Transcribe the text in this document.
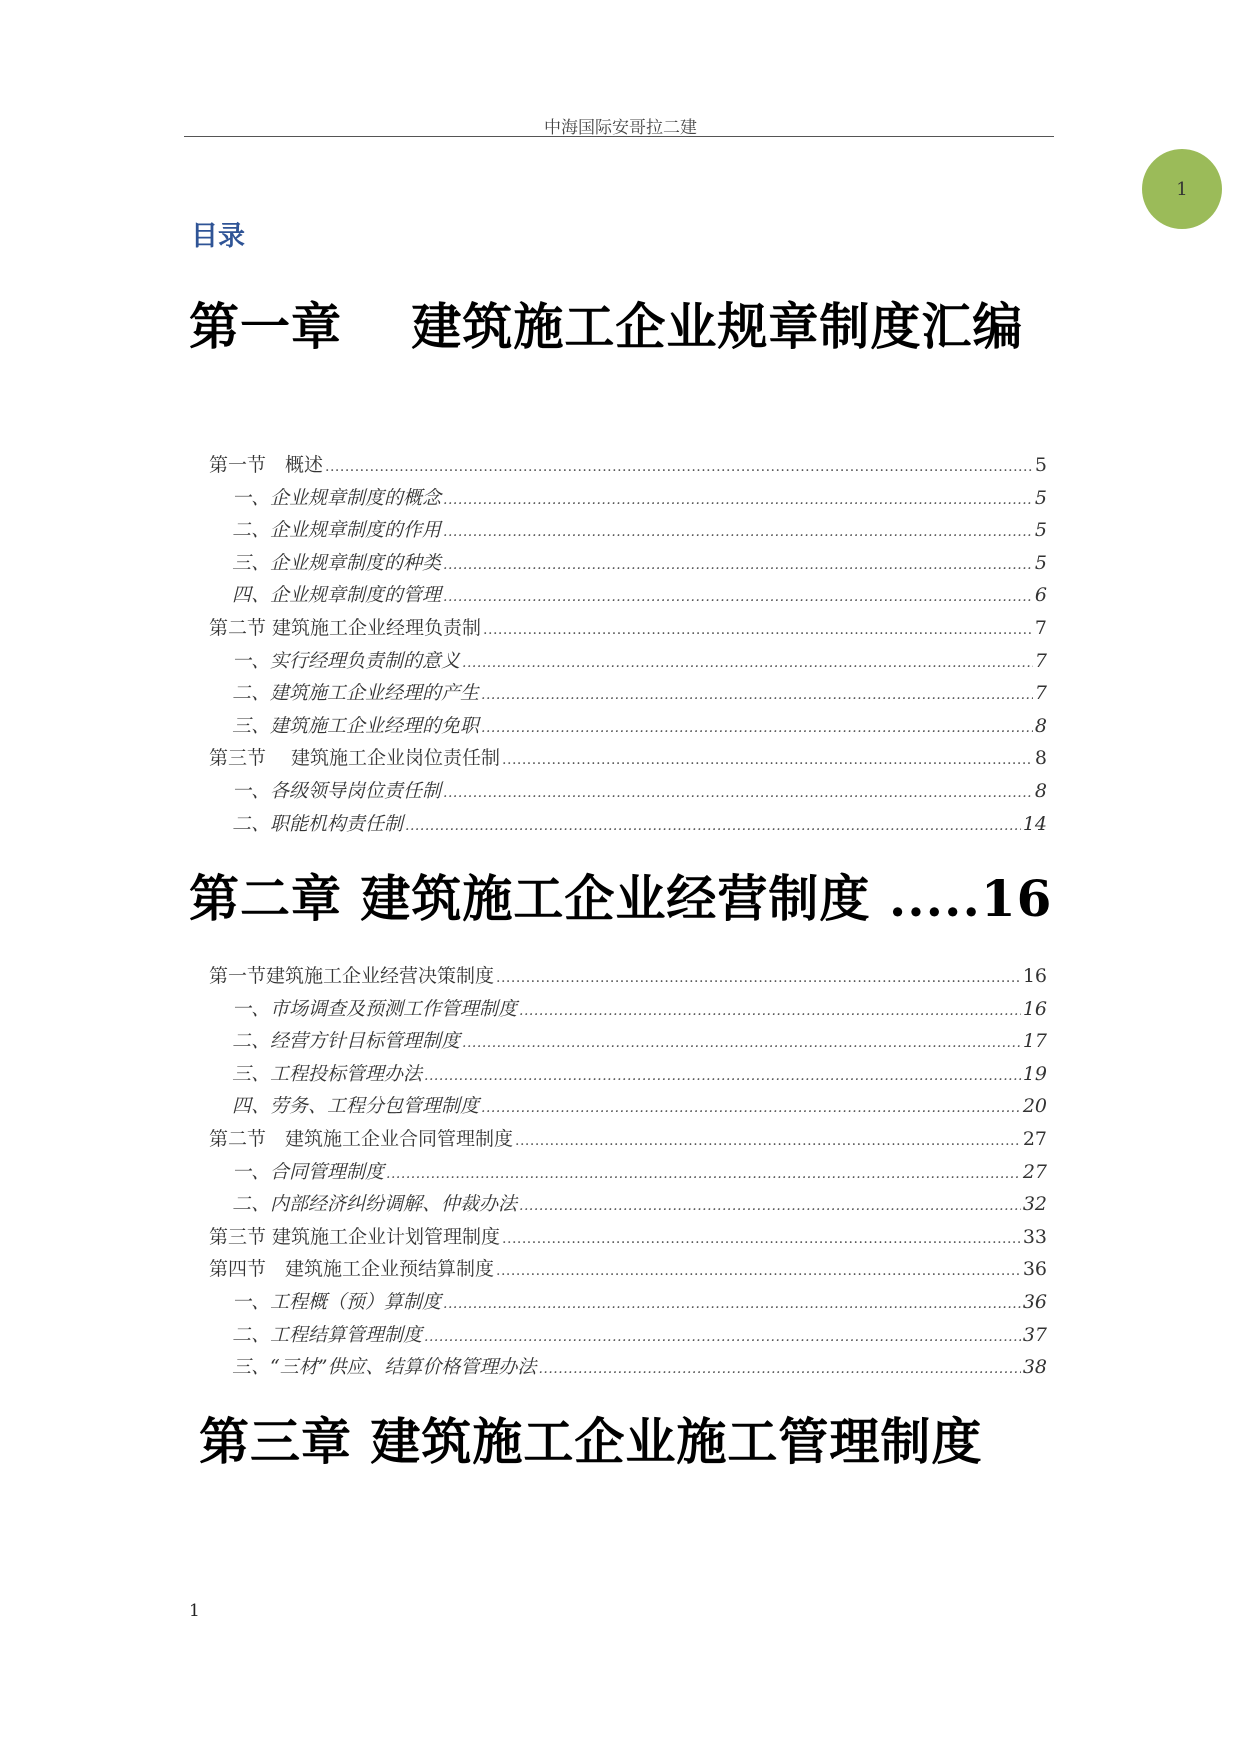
中海国际安哥拉二建
1
目录
第一章　 建筑施工企业规章制度汇编
第一节　概述 .....	5
一、企业规章制度的概念 .....	5
二、企业规章制度的作用 .....	5
三、企业规章制度的种类 .....	5
四、企业规章制度的管理 .....	6
第二节 建筑施工企业经理负责制 .....	7
一、实行经理负责制的意义 .....	7
二、建筑施工企业经理的产生 .....	7
三、建筑施工企业经理的免职 .....	8
第三节　 建筑施工企业岗位责任制 .....	8
一、各级领导岗位责任制 .....	8
二、职能机构责任制 .....	14
第二章 建筑施工企业经营制度 .....16
第一节建筑施工企业经营决策制度 .....	16
一、市场调查及预测工作管理制度 .....	16
二、经营方针目标管理制度 .....	17
三、工程投标管理办法 .....	19
四、劳务、工程分包管理制度 .....	20
第二节　建筑施工企业合同管理制度 .....	27
一、合同管理制度 .....	27
二、内部经济纠纷调解、仲裁办法 .....	32
第三节 建筑施工企业计划管理制度 .....	33
第四节　建筑施工企业预结算制度 .....	36
一、工程概（预）算制度 .....	36
二、工程结算管理制度 .....	37
三、“三材”供应、结算价格管理办法 .....	38
第三章 建筑施工企业施工管理制度
1
